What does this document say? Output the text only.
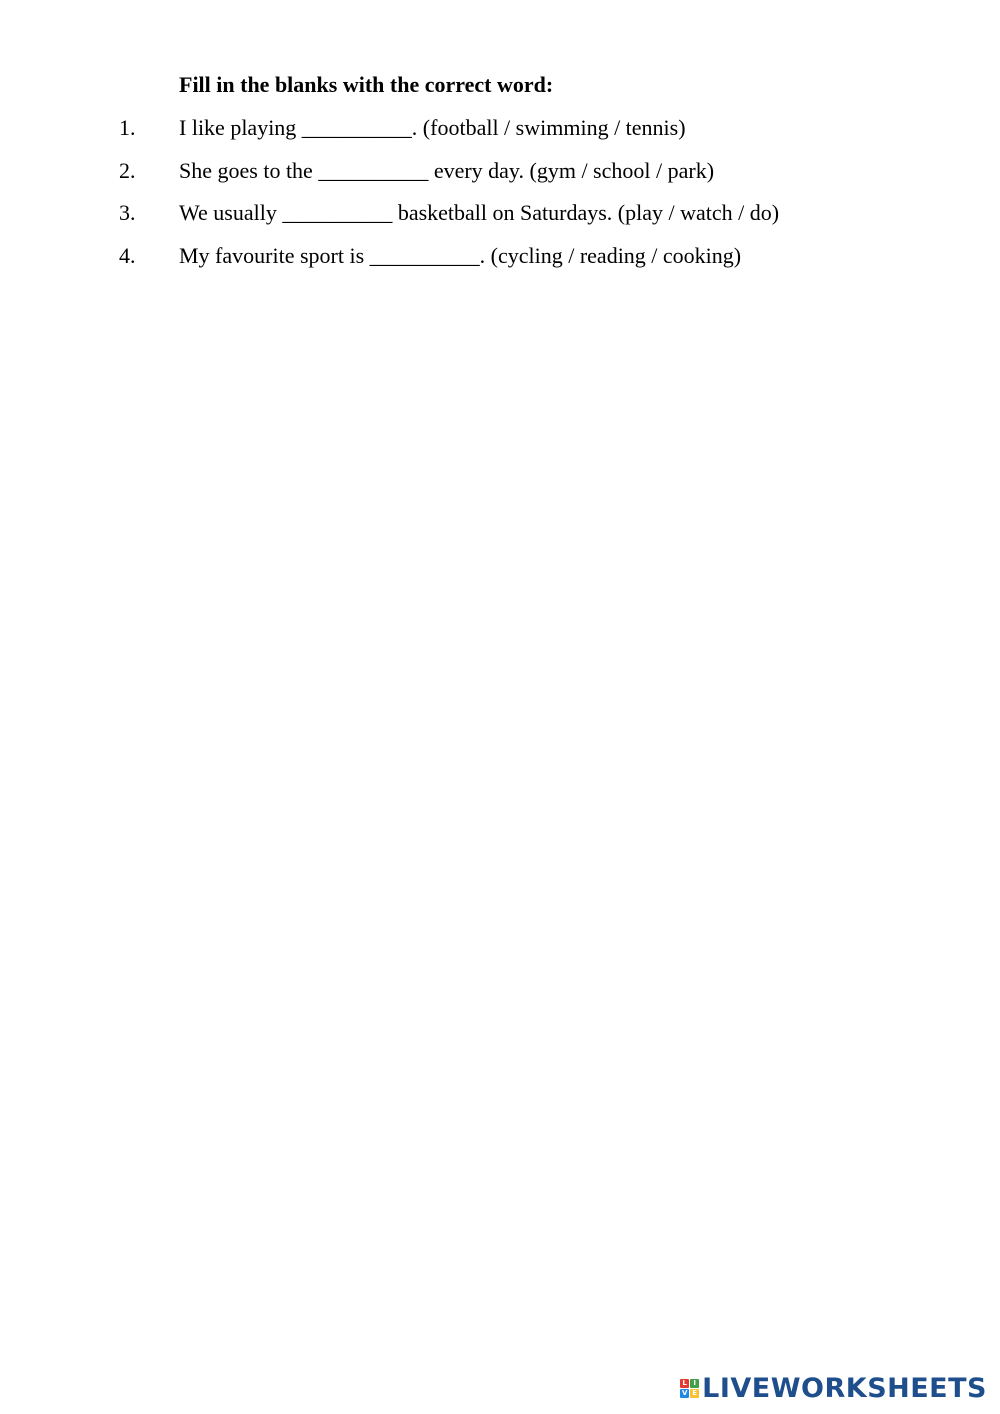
Fill in the blanks with the correct word:
1. I like playing __________. (football / swimming / tennis)
2. She goes to the __________ every day. (gym / school / park)
3. We usually __________ basketball on Saturdays. (play / watch / do)
4. My favourite sport is __________. (cycling / reading / cooking)
L I
V E LIVEWORKSHEETS
